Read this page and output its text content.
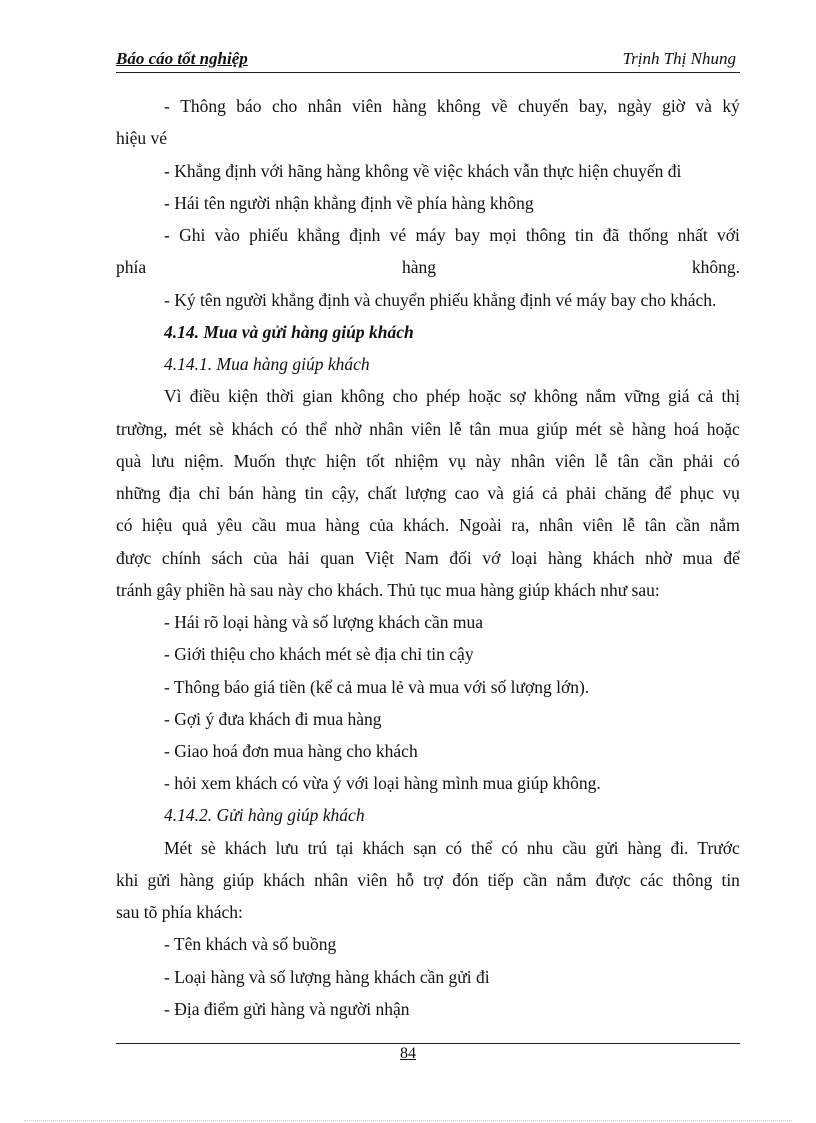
Báo cáo tốt nghiệp	Trịnh Thị Nhung
- Thông báo cho nhân viên hàng không về chuyến bay, ngày giờ và ký
hiệu vé
- Khẳng định với hãng hàng không về việc khách vẫn thực hiện chuyến đi
- Hái tên người nhận khẳng định về phía hàng không
- Ghi vào phiếu khẳng định vé máy bay mọi thông tin đã thống nhất với
phía	hàng	không.
- Ký tên người khẳng định và chuyển phiếu khẳng định vé máy bay cho khách.
4.14. Mua và gửi hàng giúp khách
4.14.1. Mua hàng giúp khách
Vì điều kiện thời gian không cho phép hoặc sợ không nắm vững giá cả thị
trường, mét sè khách có thể nhờ nhân viên lễ tân mua giúp mét sè hàng hoá hoặc
quà lưu niệm. Muốn thực hiện tốt nhiệm vụ này nhân viên lễ tân cần phải có
những địa chỉ bán hàng tin cậy, chất lượng cao và giá cả phải chăng để phục vụ
có hiệu quả yêu cầu mua hàng của khách. Ngoài ra, nhân viên lễ tân cần nắm
được chính sách của hải quan Việt Nam đối vớ loại hàng khách nhờ mua để
tránh gây phiền hà sau này cho khách. Thủ tục mua hàng giúp khách như sau:
- Hái rõ loại hàng và số lượng khách cần mua
- Giới thiệu cho khách mét sè địa chỉ tin cậy
- Thông báo giá tiền (kể cả mua lẻ và mua với số lượng lớn).
- Gợi ý đưa khách đi mua hàng
- Giao hoá đơn mua hàng cho khách
- hỏi xem khách có vừa ý với loại hàng mình mua giúp không.
4.14.2. Gửi hàng giúp khách
Mét sè khách lưu trú tại khách sạn có thể có nhu cầu gửi hàng đi. Trước
khi gửi hàng giúp khách nhân viên hỗ trợ đón tiếp cần nắm được các thông tin
sau tõ phía khách:
- Tên khách và số buồng
- Loại hàng và số lượng hàng khách cần gửi đi
- Địa điểm gửi hàng và người nhận
84
